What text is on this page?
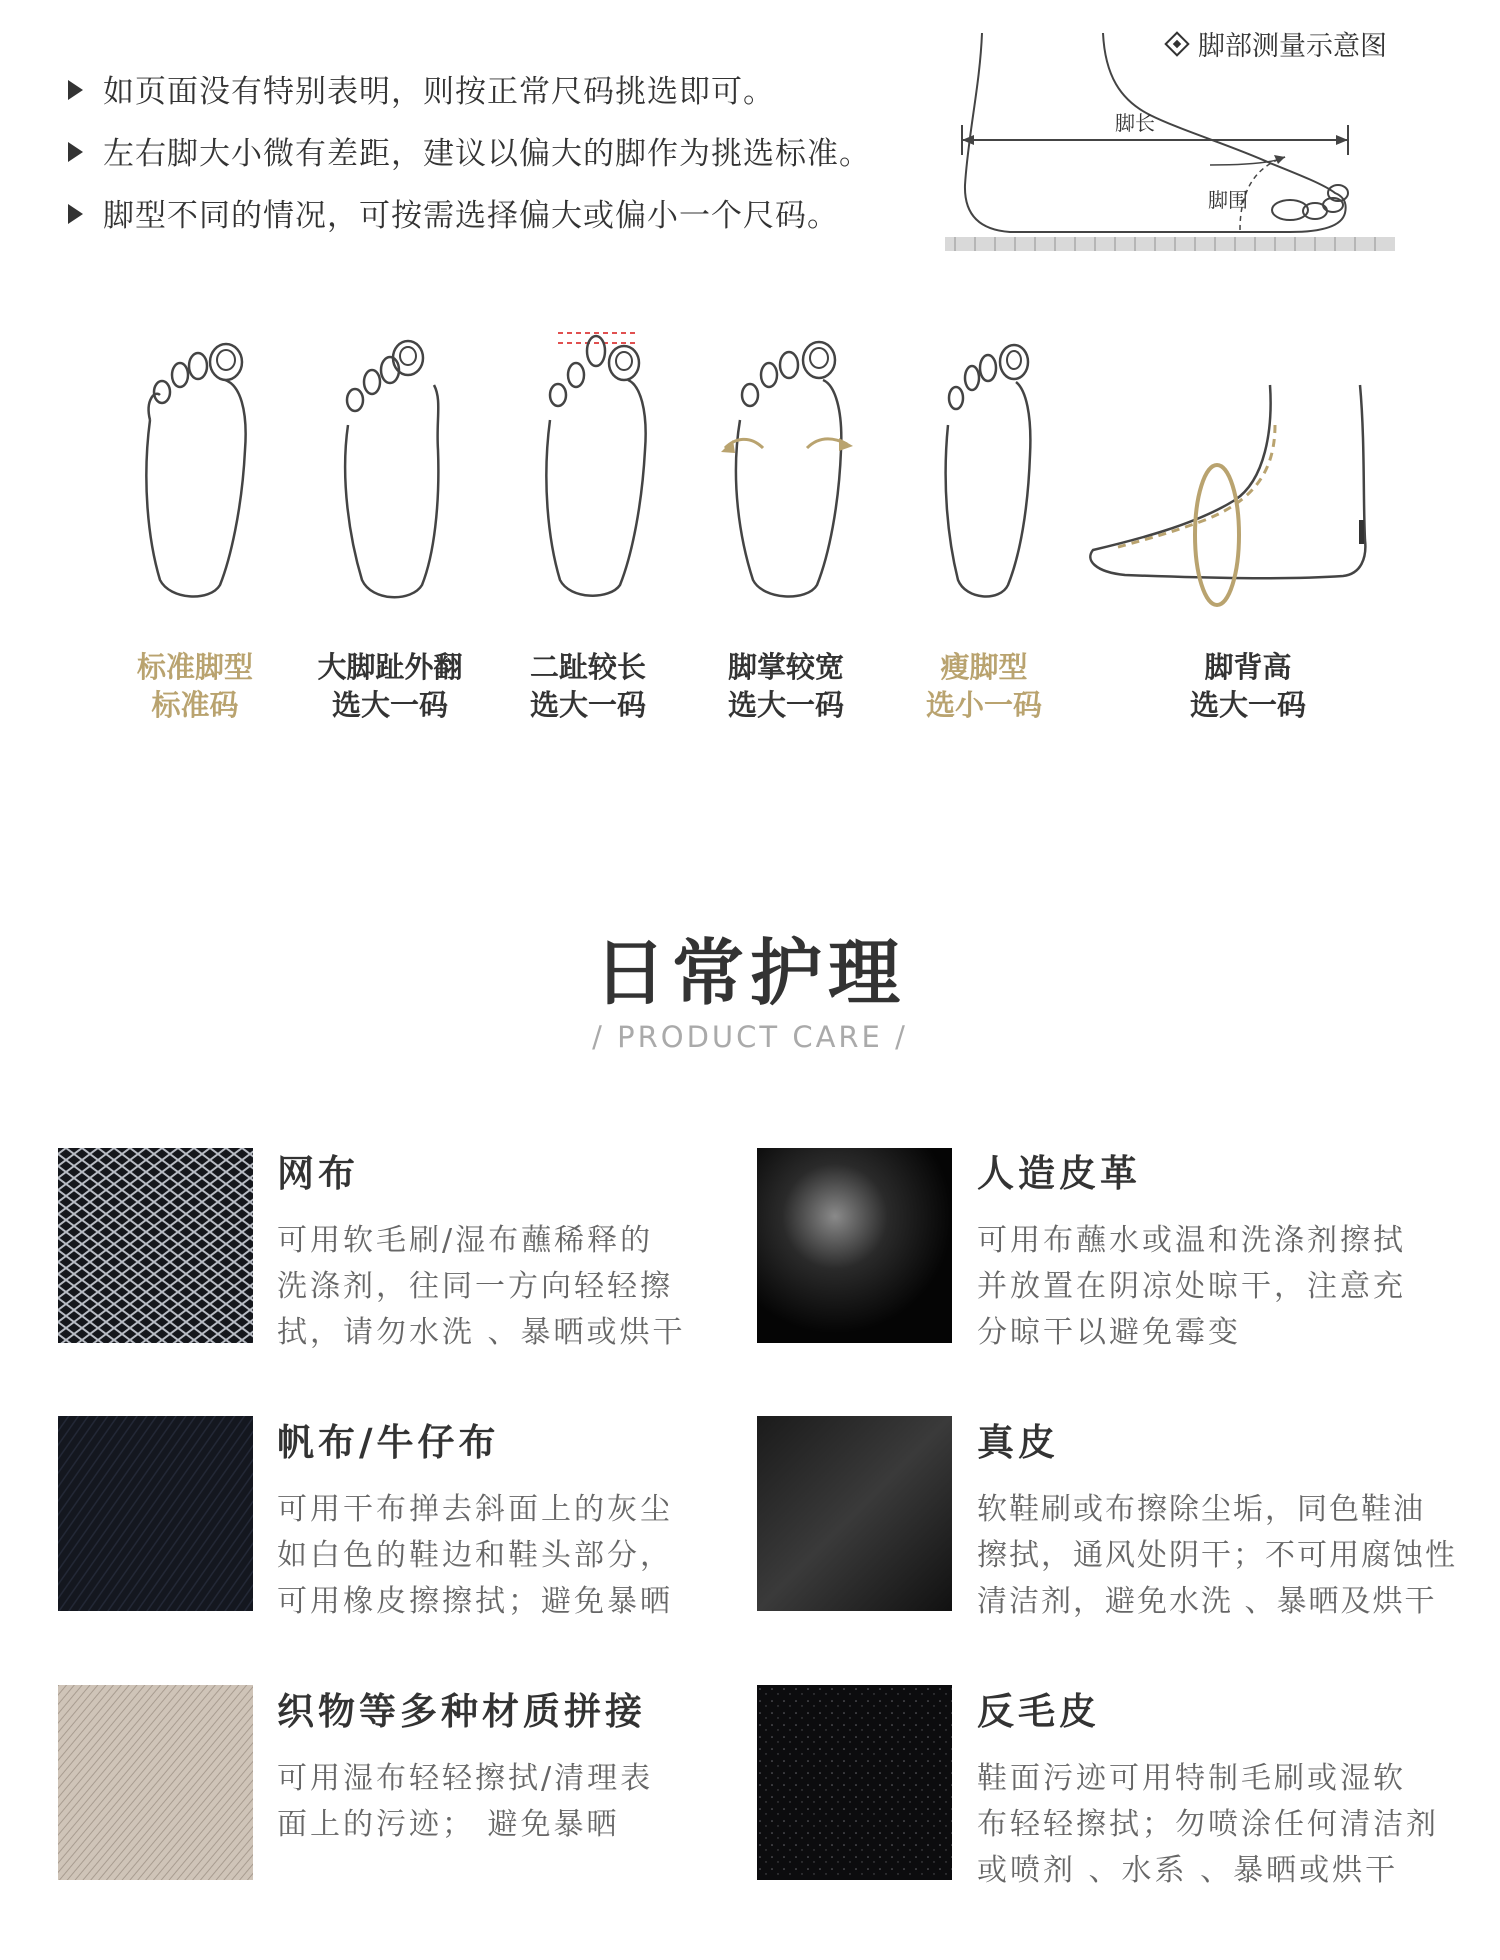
如页面没有特别表明，则按正常尺码挑选即可。
左右脚大小微有差距，建议以偏大的脚作为挑选标准。
脚型不同的情况，可按需选择偏大或偏小一个尺码。
脚部测量示意图
脚长
脚围
标准脚型
标准码
大脚趾外翻
选大一码
二趾较长
选大一码
脚掌较宽
选大一码
瘦脚型
选小一码
脚背高
选大一码
日常护理
/ PRODUCT CARE /
网布
可用软毛刷/湿布蘸稀释的
洗涤剂，往同一方向轻轻擦
拭，请勿水洗 、暴晒或烘干
帆布/牛仔布
可用干布掸去斜面上的灰尘
如白色的鞋边和鞋头部分，
可用橡皮擦擦拭；避免暴晒
织物等多种材质拼接
可用湿布轻轻擦拭/清理表
面上的污迹； 避免暴晒
人造皮革
可用布蘸水或温和洗涤剂擦拭
并放置在阴凉处晾干，注意充
分晾干以避免霉变
真皮
软鞋刷或布擦除尘垢，同色鞋油
擦拭，通风处阴干；不可用腐蚀性
清洁剂，避免水洗 、暴晒及烘干
反毛皮
鞋面污迹可用特制毛刷或湿软
布轻轻擦拭；勿喷涂任何清洁剂
或喷剂 、水系 、暴晒或烘干
